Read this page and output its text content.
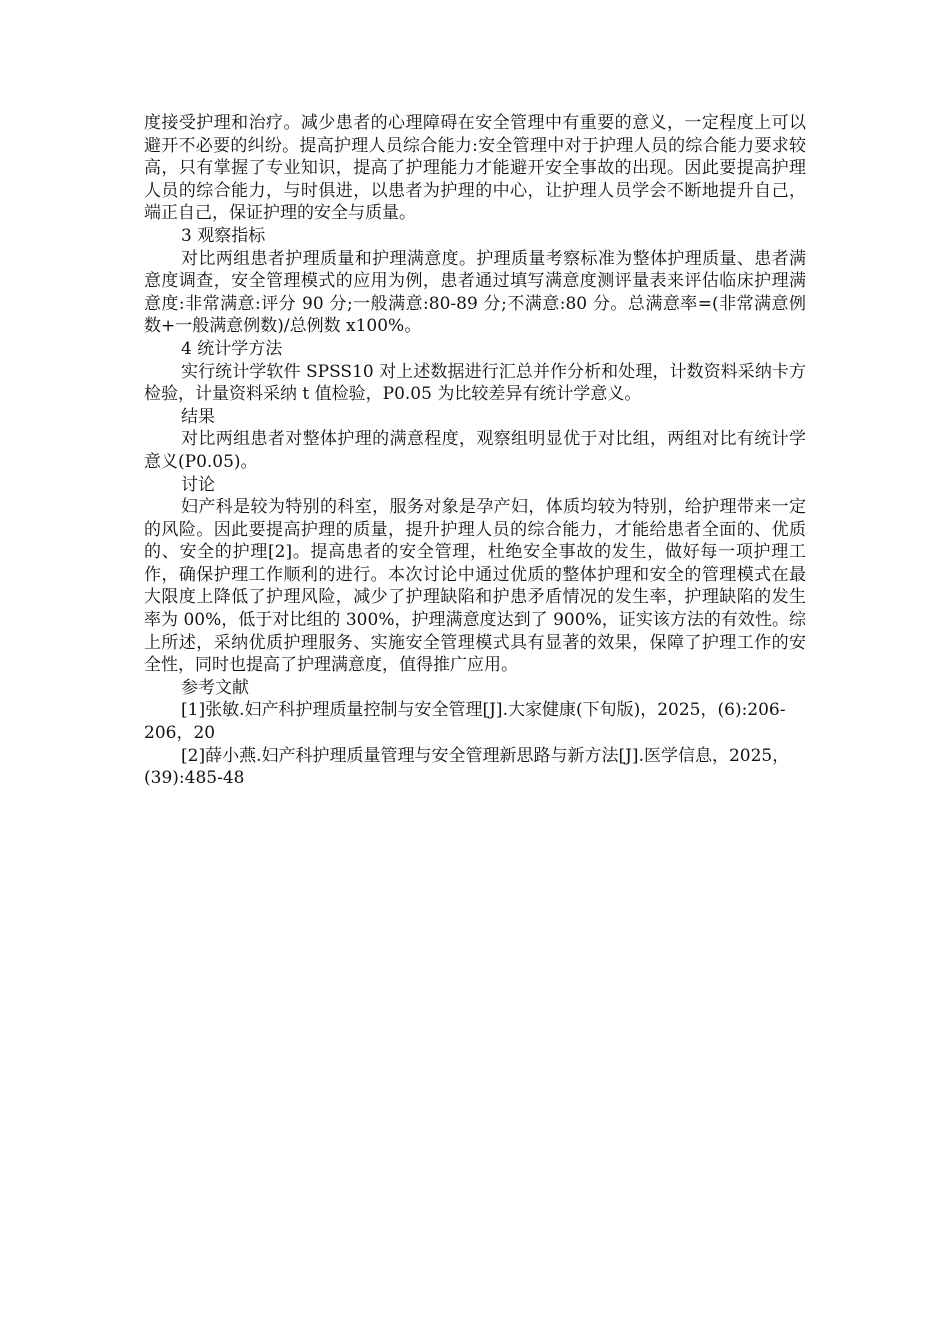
度接受护理和治疗。减少患者的心理障碍在安全管理中有重要的意义，一定程度上可以避开不必要的纠纷。提高护理人员综合能力:安全管理中对于护理人员的综合能力要求较高，只有掌握了专业知识，提高了护理能力才能避开安全事故的出现。因此要提高护理人员的综合能力，与时俱进，以患者为护理的中心，让护理人员学会不断地提升自己，端正自己，保证护理的安全与质量。

3 观察指标

对比两组患者护理质量和护理满意度。护理质量考察标准为整体护理质量、患者满意度调查，安全管理模式的应用为例，患者通过填写满意度测评量表来评估临床护理满意度:非常满意:评分 90 分;一般满意:80-89 分;不满意:80 分。总满意率=(非常满意例数+一般满意例数)/总例数 x100%。

4 统计学方法

实行统计学软件 SPSS10 对上述数据进行汇总并作分析和处理，计数资料采纳卡方检验，计量资料采纳 t 值检验，P0.05 为比较差异有统计学意义。

结果

对比两组患者对整体护理的满意程度，观察组明显优于对比组，两组对比有统计学意义(P0.05)。

讨论

妇产科是较为特别的科室，服务对象是孕产妇，体质均较为特别，给护理带来一定的风险。因此要提高护理的质量，提升护理人员的综合能力，才能给患者全面的、优质的、安全的护理[2]。提高患者的安全管理，杜绝安全事故的发生，做好每一项护理工作，确保护理工作顺利的进行。本次讨论中通过优质的整体护理和安全的管理模式在最大限度上降低了护理风险，减少了护理缺陷和护患矛盾情况的发生率，护理缺陷的发生率为 00%，低于对比组的 300%，护理满意度达到了 900%，证实该方法的有效性。综上所述，采纳优质护理服务、实施安全管理模式具有显著的效果，保障了护理工作的安全性，同时也提高了护理满意度，值得推广应用。

参考文献

[1]张敏.妇产科护理质量控制与安全管理[J].大家健康(下旬版)，2025，(6):206-206，20

[2]薛小燕.妇产科护理质量管理与安全管理新思路与新方法[J].医学信息，2025，(39):485-48
